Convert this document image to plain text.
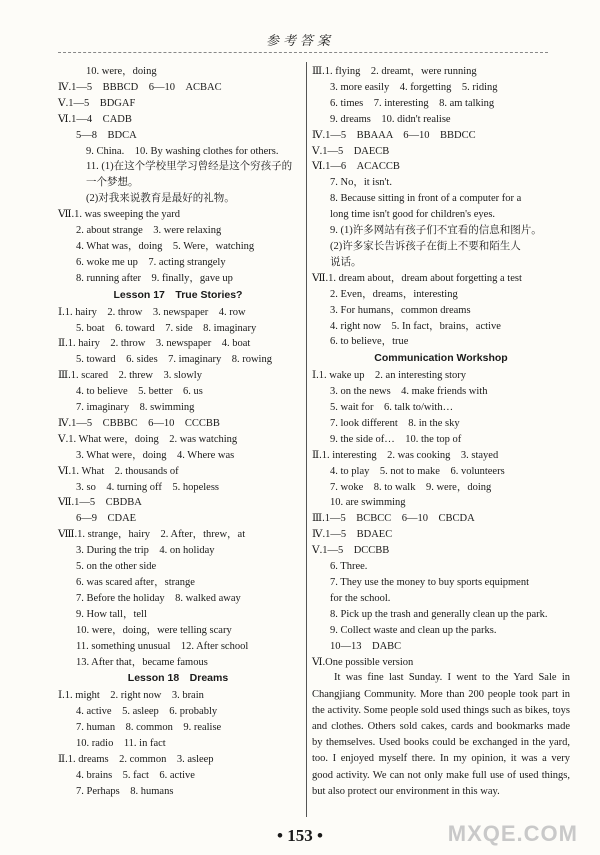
参考答案
10. were，doing
Ⅳ.1—5　BBBCD　6—10　ACBAC
Ⅴ.1—5　BDGAF
Ⅵ.1—4　CADB
5—8　BDCA
9. China.　10. By washing clothes for others.
11. (1)在这个学校里学习曾经是这个穷孩子的
一个梦想。
(2)对我来说教育是最好的礼物。
Ⅶ.1. was sweeping the yard
2. about strange　3. were relaxing
4. What was，doing　5. Were，watching
6. woke me up　7. acting strangely
8. running after　9. finally，gave up
Lesson 17　True Stories?
Ⅰ.1. hairy　2. throw　3. newspaper　4. row
5. boat　6. toward　7. side　8. imaginary
Ⅱ.1. hairy　2. throw　3. newspaper　4. boat
5. toward　6. sides　7. imaginary　8. rowing
Ⅲ.1. scared　2. threw　3. slowly
4. to believe　5. better　6. us
7. imaginary　8. swimming
Ⅳ.1—5　CBBBC　6—10　CCCBB
Ⅴ.1. What were，doing　2. was watching
3. What were，doing　4. Where was
Ⅵ.1. What　2. thousands of
3. so　4. turning off　5. hopeless
Ⅶ.1—5　CBDBA
6—9　CDAE
Ⅷ.1. strange，hairy　2. After，threw，at
3. During the trip　4. on holiday
5. on the other side
6. was scared after，strange
7. Before the holiday　8. walked away
9. How tall，tell
10. were，doing，were telling scary
11. something unusual　12. After school
13. After that，became famous
Lesson 18　Dreams
Ⅰ.1. might　2. right now　3. brain
4. active　5. asleep　6. probably
7. human　8. common　9. realise
10. radio　11. in fact
Ⅱ.1. dreams　2. common　3. asleep
4. brains　5. fact　6. active
7. Perhaps　8. humans
Ⅲ.1. flying　2. dreamt，were running
3. more easily　4. forgetting　5. riding
6. times　7. interesting　8. am talking
9. dreams　10. didn't realise
Ⅳ.1—5　BBAAA　6—10　BBDCC
Ⅴ.1—5　DAECB
Ⅵ.1—6　ACACCB
7. No，it isn't.
8. Because sitting in front of a computer for a
long time isn't good for children's eyes.
9. (1)许多网站有孩子们不宜看的信息和图片。
(2)许多家长告诉孩子在街上不要和陌生人
说话。
Ⅶ.1. dream about，dream about forgetting a test
2. Even，dreams，interesting
3. For humans，common dreams
4. right now　5. In fact，brains，active
6. to believe，true
Communication Workshop
Ⅰ.1. wake up　2. an interesting story
3. on the news　4. make friends with
5. wait for　6. talk to/with…
7. look different　8. in the sky
9. the side of…　10. the top of
Ⅱ.1. interesting　2. was cooking　3. stayed
4. to play　5. not to make　6. volunteers
7. woke　8. to walk　9. were，doing
10. are swimming
Ⅲ.1—5　BCBCC　6—10　CBCDA
Ⅳ.1—5　BDAEC
Ⅴ.1—5　DCCBB
6. Three.
7. They use the money to buy sports equipment
for the school.
8. Pick up the trash and generally clean up the park.
9. Collect waste and clean up the parks.
10—13　DABC
Ⅵ.One possible version
It was fine last Sunday. I went to the Yard Sale in Changjiang Community. More than 200 people took part in the activity. Some people sold used things such as bikes, toys and clothes. Others sold cakes, cards and bookmarks made by themselves. Used books could be exchanged in the yard, too. I enjoyed myself there. In my opinion, it was a very good activity. We can not only make full use of used things, but also protect our environment in this way.
• 153 •	MXQE.COM
